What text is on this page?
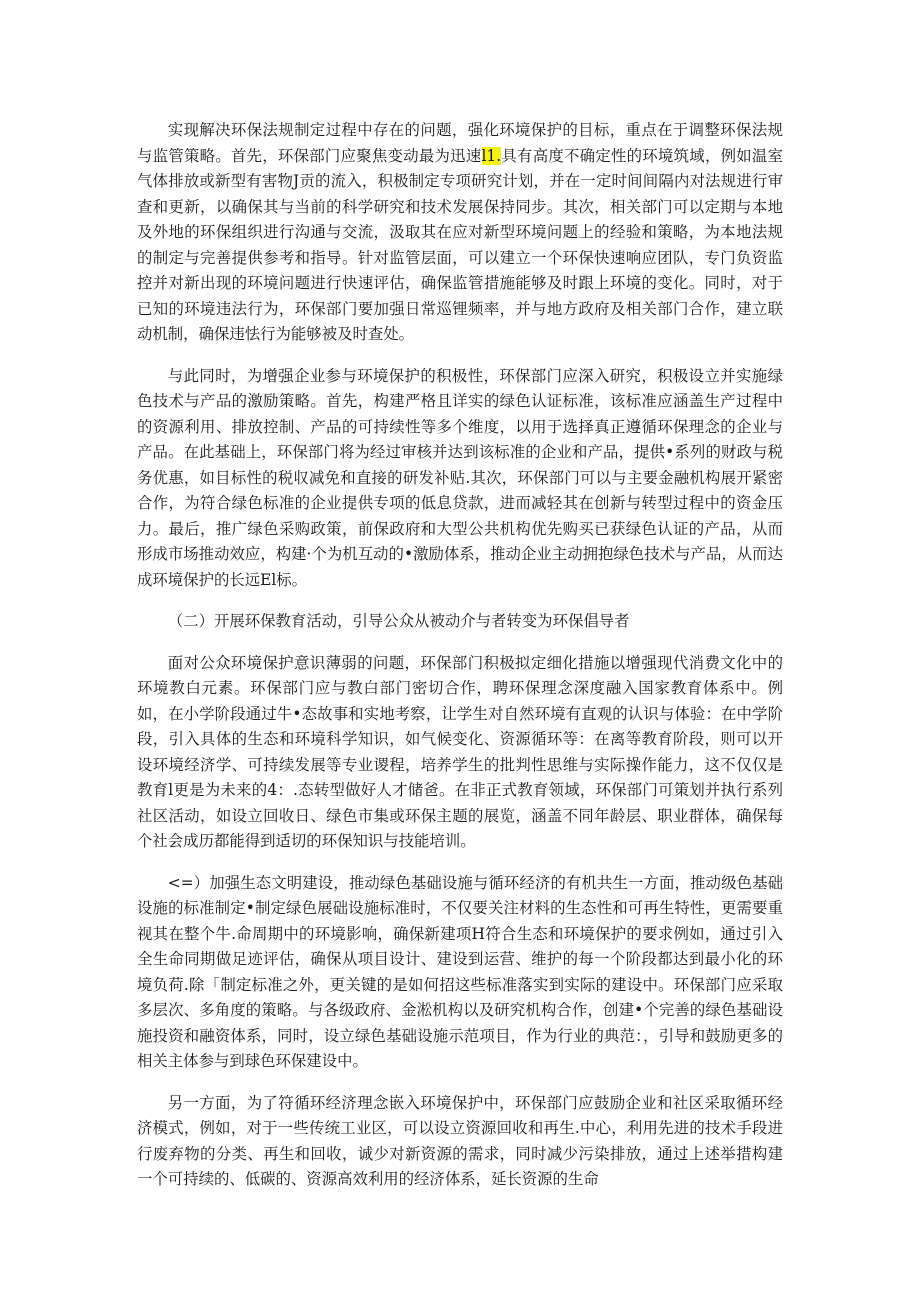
实现解决环保法规制定过程中存在的问题，强化环境保护的目标，重点在于调整环保法规与监管策略。首先，环保部门应聚焦变动最为迅速l1.具有高度不确定性的环境筑域，例如温室气体排放或新型有害物J贡的流入，积极制定专项研究计划，并在一定时间间隔内对法规进行审查和更新，以确保其与当前的科学研究和技术发展保持同步。其次，相关部门可以定期与本地及外地的环保组织进行沟通与交流，汲取其在应对新型环境问题上的经验和策略，为本地法规的制定与完善提供参考和指导。针对监管层面，可以建立一个环保快速响应团队，专门负资监控并对新出现的环境问题进行快速评估，确保监管措施能够及时跟上环境的变化。同时，对于已知的环境违法行为，环保部门要加强日常巡锂频率，并与地方政府及相关部门合作，建立联动机制，确保违怯行为能够被及时查处。

与此同时，为增强企业参与环境保护的积极性，环保部门应深入研究，积极设立并实施绿色技术与产品的激励策略。首先，构建严格且详实的绿色认证标准，该标准应涵盖生产过程中的资源利用、排放控制、产品的可持续性等多个维度，以用于选择真正遵循环保理念的企业与产品。在此基础上，环保部门将为经过审核并达到该标准的企业和产品，提供•系列的财政与税务优惠，如目标性的税収减免和直接的研发补贴.其次，环保部门可以与主要金融机构展开紧密合作，为符合绿色标准的企业提供专项的低息贷款，进而减轻其在创新与转型过程中的资金压力。最后，推广绿色采购政策，前保政府和大型公共机构优先购买已获绿色认证的产品，从而形成市场推动效应，构建·个为机互动的•激励体系，推动企业主动拥抱绿色技术与产品，从而达成环境保护的长远El标。

（二）开展环保教育活动，引导公众从被动介与者转变为环保倡导者

面对公众环境保护意识薄弱的问题，环保部门积极拟定细化措施以增强现代消费文化中的环境教白元素。环保部门应与教白部门密切合作，聘环保理念深度融入国家教育体系中。例如，在小学阶段通过牛•态故事和实地考察，让学生对自然环境有直观的认识与体验：在中学阶段，引入具体的生态和环境科学知识，如气候变化、资源循环等：在离等教育阶段，则可以开设环境经济学、可持续发展等专业谡程，培养学生的批判性思维与实际操作能力，这不仅仅是教育l更是为未来的4：.态转型做好人才储爸。在非正式教育领域，环保部门可策划并执行系列社区活动，如设立回收日、绿色市集或环保主题的展览，涵盖不同年龄层、职业群体，确保每个社会成历都能得到适切的环保知识与技能培训。

<=）加强生态文明建设，推动绿色基础设施与循环经济的有机共生一方面，推动级色基础设施的标准制定•制定绿色展础设施标准时，不仅要关注材料的生态性和可再生特性，更需要重视其在整个牛.命周期中的环境影响，确保新建项H符合生态和环境保护的要求例如，通过引入全生命同期做足迹评估，确保从项目设计、建设到运营、维护的每一个阶段都达到最小化的环境负荷.除「制定标准之外，更关键的是如何招这些标准落实到实际的建设中。环保部门应采取多层次、多角度的策略。与各级政府、金淞机构以及研究机构合作，创建•个完善的绿色基础设施投资和融资体系，同时，设立绿色基础设施示范项目，作为行业的典范：，引导和鼓励更多的相关主体参与到球色环保建设中。

另一方面，为了符循环经济理念嵌入环境保护中，环保部门应鼓励企业和社区采取循环经济模式，例如，对于一些传统工业区，可以设立资源回收和再生.中心，利用先进的技术手段进行废弃物的分类、再生和回收，诚少对新资源的需求，同时减少污染排放，通过上述举措构建一个可持续的、低碳的、资源高效利用的经济体系，延长资源的生命
